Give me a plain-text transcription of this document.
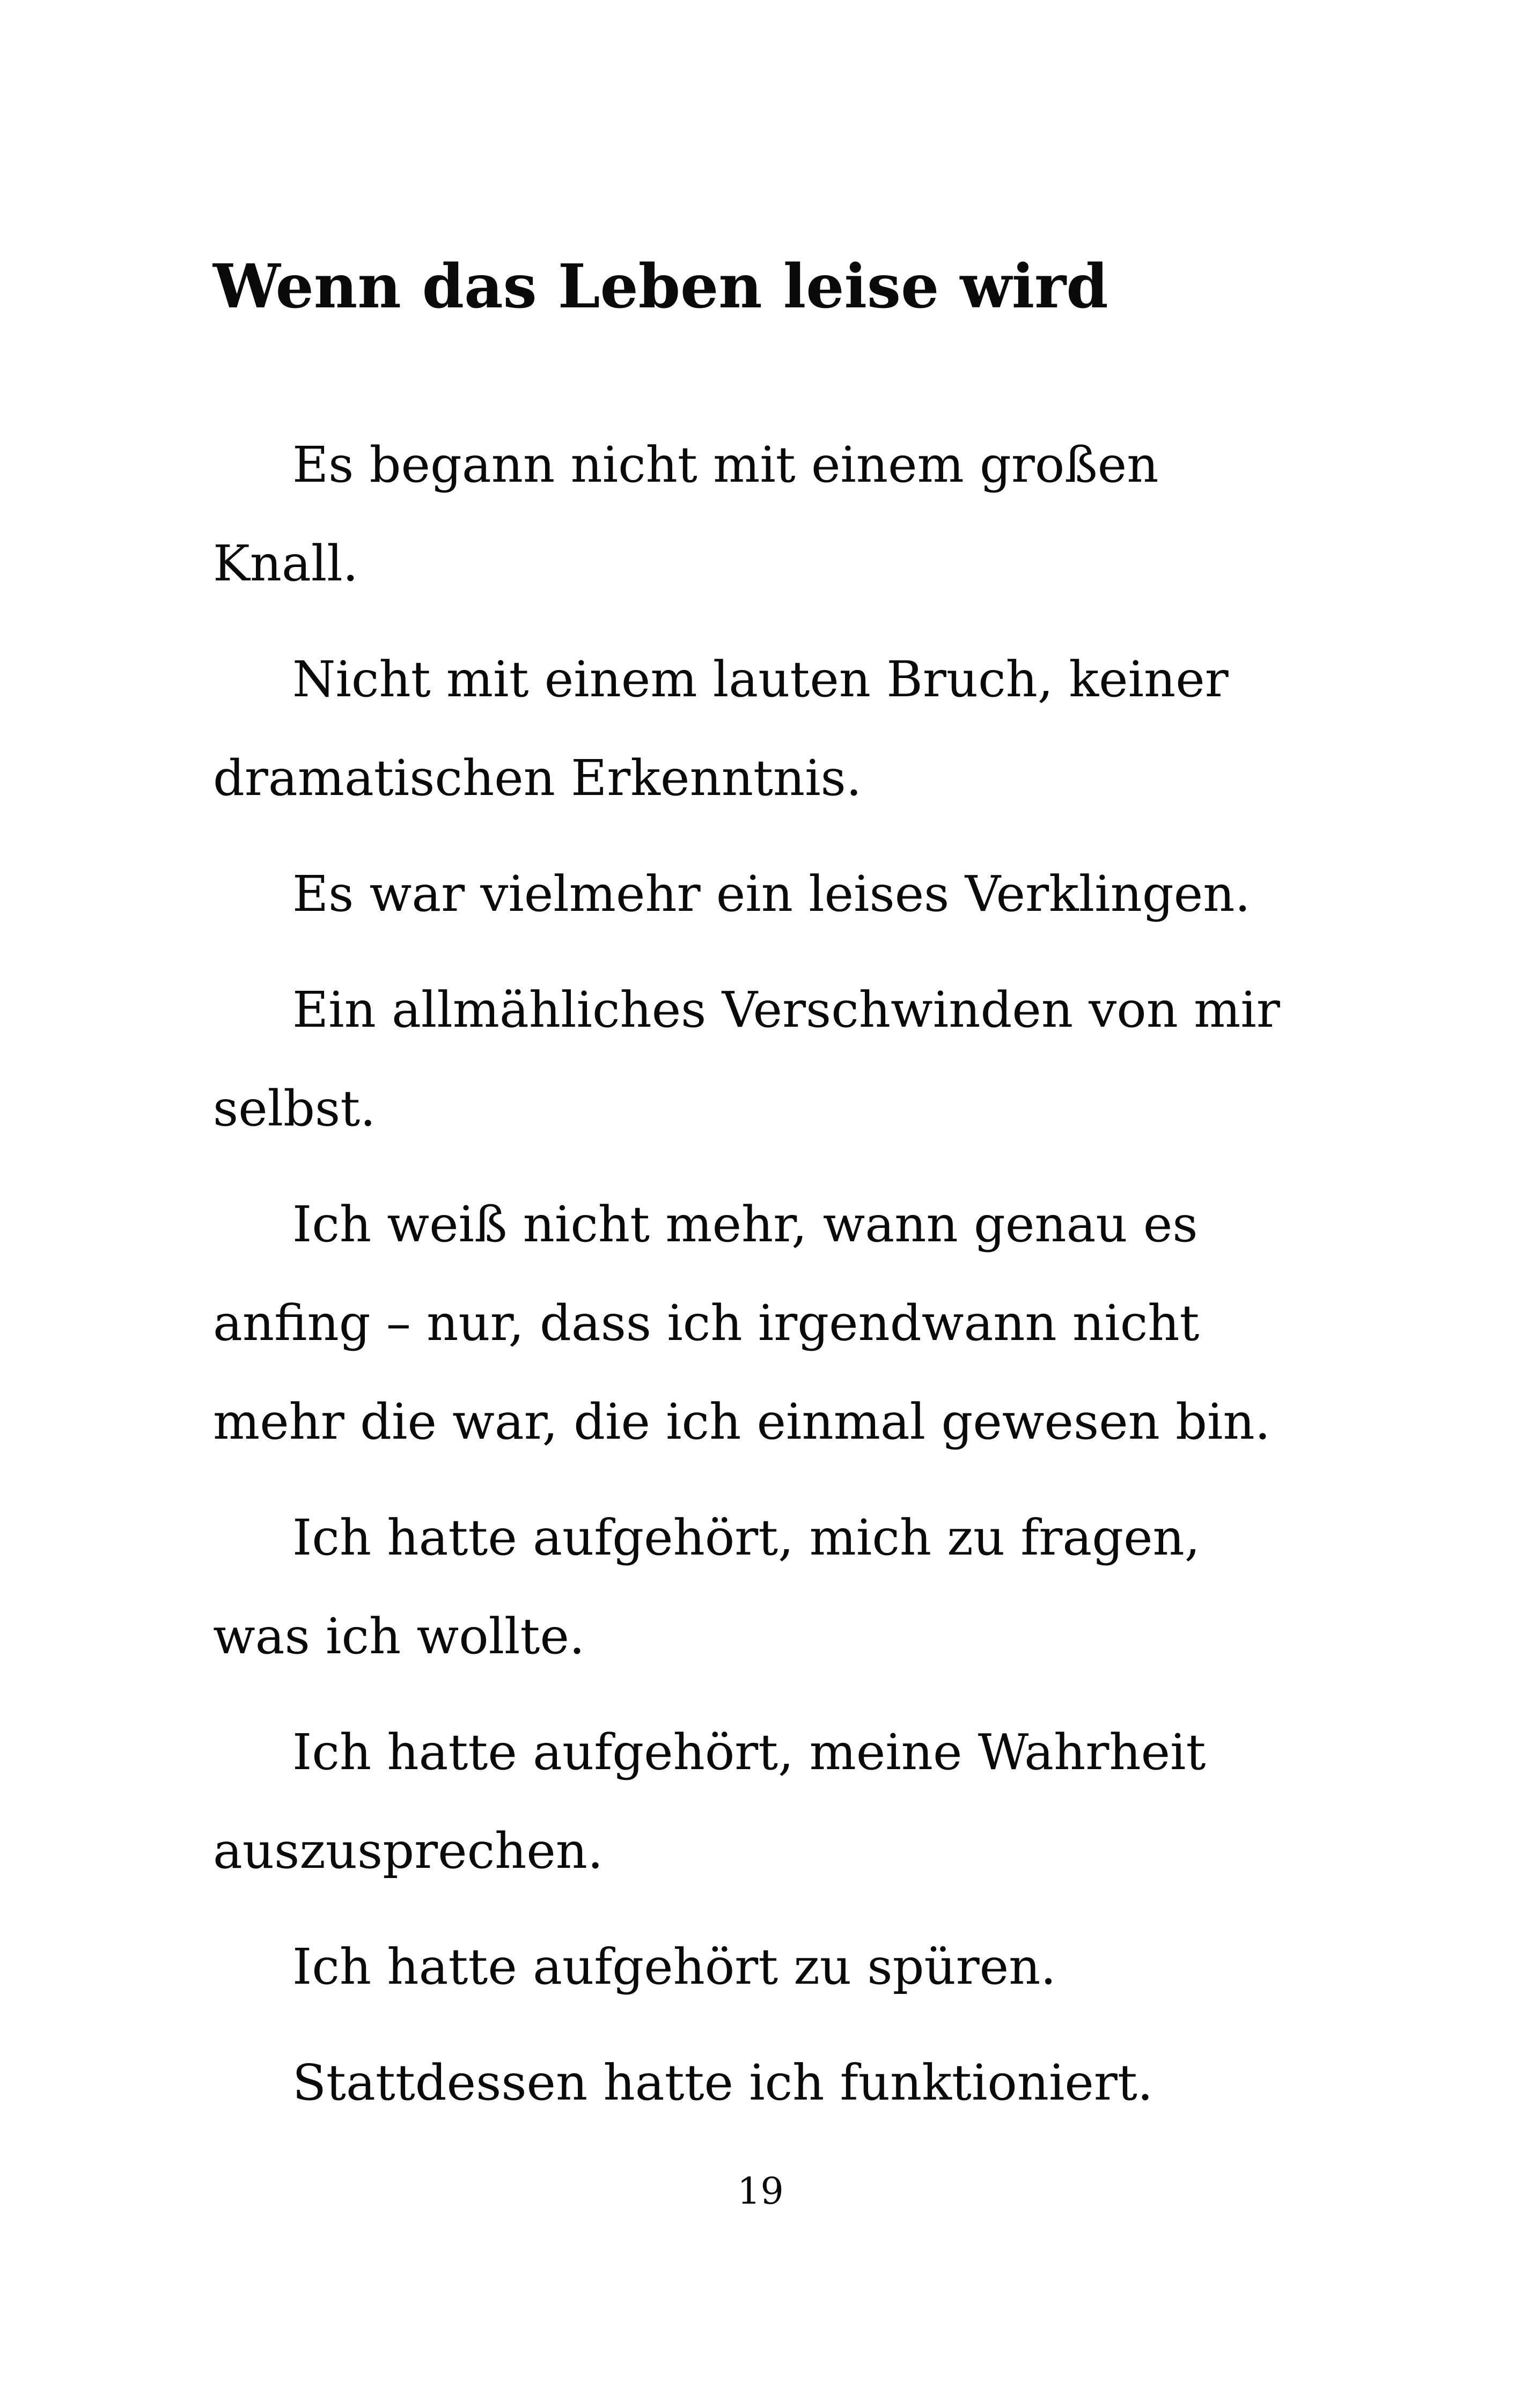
Wenn das Leben leise wird

Es begann nicht mit einem großen Knall.

Nicht mit einem lauten Bruch, keiner dramatischen Erkenntnis.

Es war vielmehr ein leises Verklingen.

Ein allmähliches Verschwinden von mir selbst.

Ich weiß nicht mehr, wann genau es anfing – nur, dass ich irgendwann nicht mehr die war, die ich einmal gewesen bin.

Ich hatte aufgehört, mich zu fragen, was ich wollte.

Ich hatte aufgehört, meine Wahrheit auszusprechen.

Ich hatte aufgehört zu spüren.

Stattdessen hatte ich funktioniert.

19
